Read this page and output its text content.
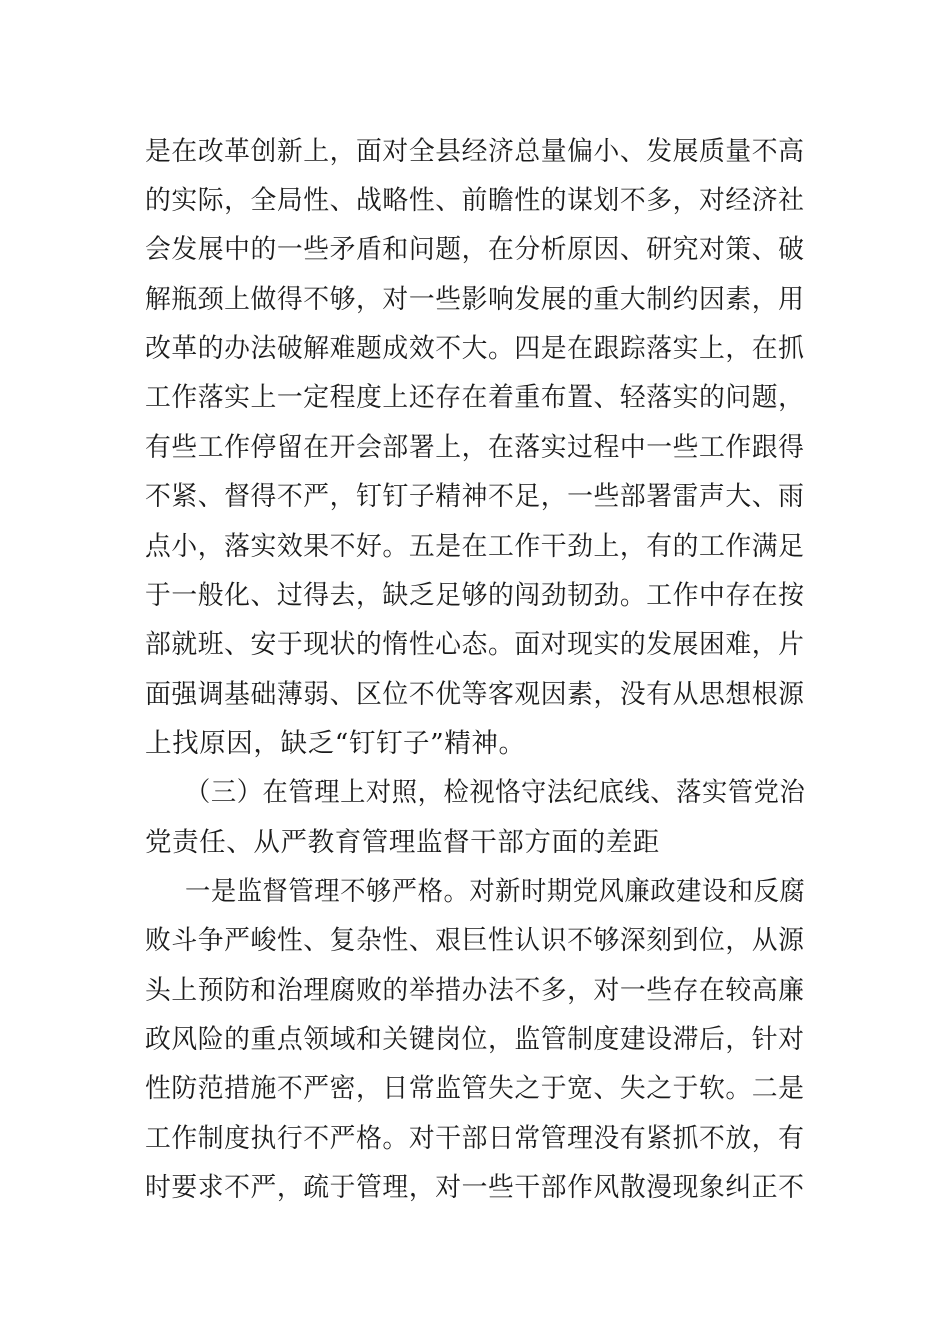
是在改革创新上，面对全县经济总量偏小、发展质量不高
的实际，全局性、战略性、前瞻性的谋划不多，对经济社
会发展中的一些矛盾和问题，在分析原因、研究对策、破
解瓶颈上做得不够，对一些影响发展的重大制约因素，用
改革的办法破解难题成效不大。四是在跟踪落实上，在抓
工作落实上一定程度上还存在着重布置、轻落实的问题，
有些工作停留在开会部署上，在落实过程中一些工作跟得
不紧、督得不严，钉钉子精神不足，一些部署雷声大、雨
点小，落实效果不好。五是在工作干劲上，有的工作满足
于一般化、过得去，缺乏足够的闯劲韧劲。工作中存在按
部就班、安于现状的惰性心态。面对现实的发展困难，片
面强调基础薄弱、区位不优等客观因素，没有从思想根源
上找原因，缺乏“钉钉子”精神。
（三）在管理上对照，检视恪守法纪底线、落实管党治
党责任、从严教育管理监督干部方面的差距
一是监督管理不够严格。对新时期党风廉政建设和反腐
败斗争严峻性、复杂性、艰巨性认识不够深刻到位，从源
头上预防和治理腐败的举措办法不多，对一些存在较高廉
政风险的重点领域和关键岗位，监管制度建设滞后，针对
性防范措施不严密，日常监管失之于宽、失之于软。二是
工作制度执行不严格。对干部日常管理没有紧抓不放，有
时要求不严，疏于管理，对一些干部作风散漫现象纠正不
